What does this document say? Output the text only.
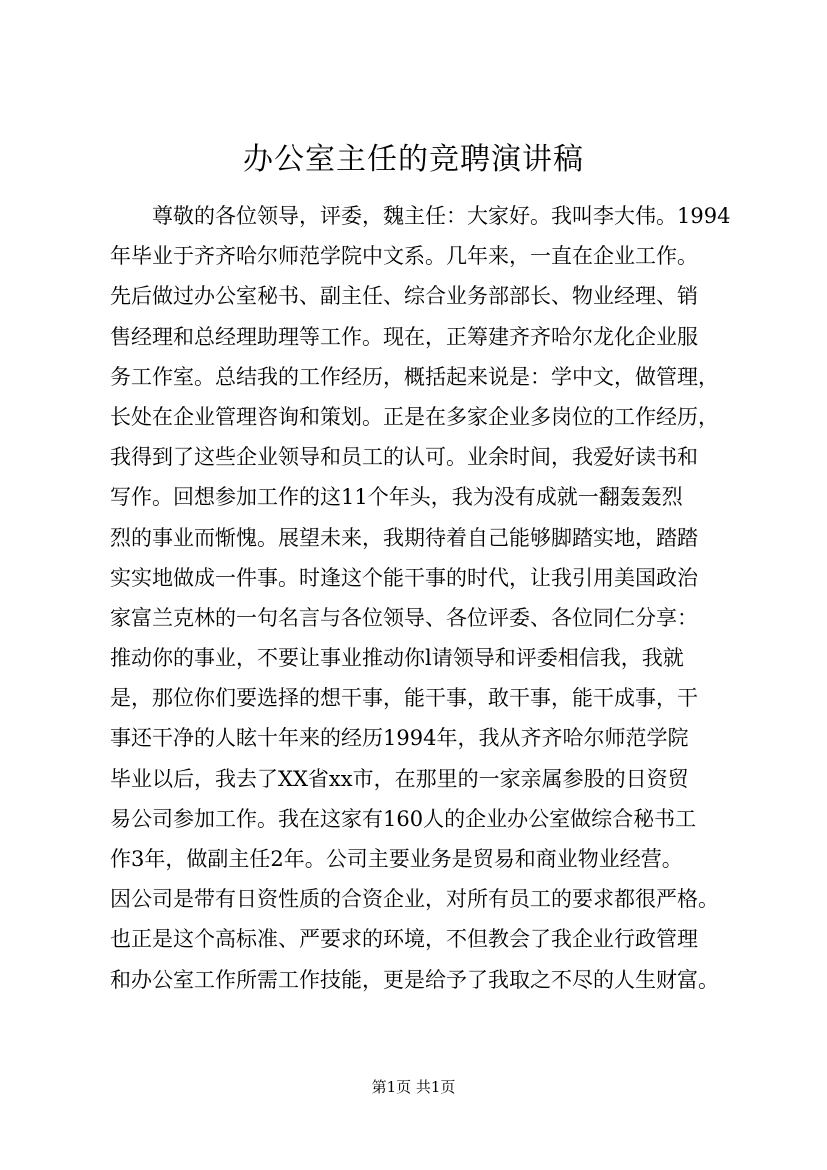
办公室主任的竞聘演讲稿
尊敬的各位领导，评委，魏主任：大家好。我叫李大伟。1994
年毕业于齐齐哈尔师范学院中文系。几年来，一直在企业工作。
先后做过办公室秘书、副主任、综合业务部部长、物业经理、销
售经理和总经理助理等工作。现在，正筹建齐齐哈尔龙化企业服
务工作室。总结我的工作经历，概括起来说是：学中文，做管理，
长处在企业管理咨询和策划。正是在多家企业多岗位的工作经历，
我得到了这些企业领导和员工的认可。业余时间，我爱好读书和
写作。回想参加工作的这11个年头，我为没有成就一翻轰轰烈
烈的事业而惭愧。展望未来，我期待着自己能够脚踏实地，踏踏
实实地做成一件事。时逢这个能干事的时代，让我引用美国政治
家富兰克林的一句名言与各位领导、各位评委、各位同仁分享：
推动你的事业，不要让事业推动你l请领导和评委相信我，我就
是，那位你们要选择的想干事，能干事，敢干事，能干成事，干
事还干净的人眩十年来的经历1994年，我从齐齐哈尔师范学院
毕业以后，我去了XX省xx市，在那里的一家亲属参股的日资贸
易公司参加工作。我在这家有160人的企业办公室做综合秘书工
作3年，做副主任2年。公司主要业务是贸易和商业物业经营。
因公司是带有日资性质的合资企业，对所有员工的要求都很严格。
也正是这个高标准、严要求的环境，不但教会了我企业行政管理
和办公室工作所需工作技能，更是给予了我取之不尽的人生财富。
第1页 共1页
